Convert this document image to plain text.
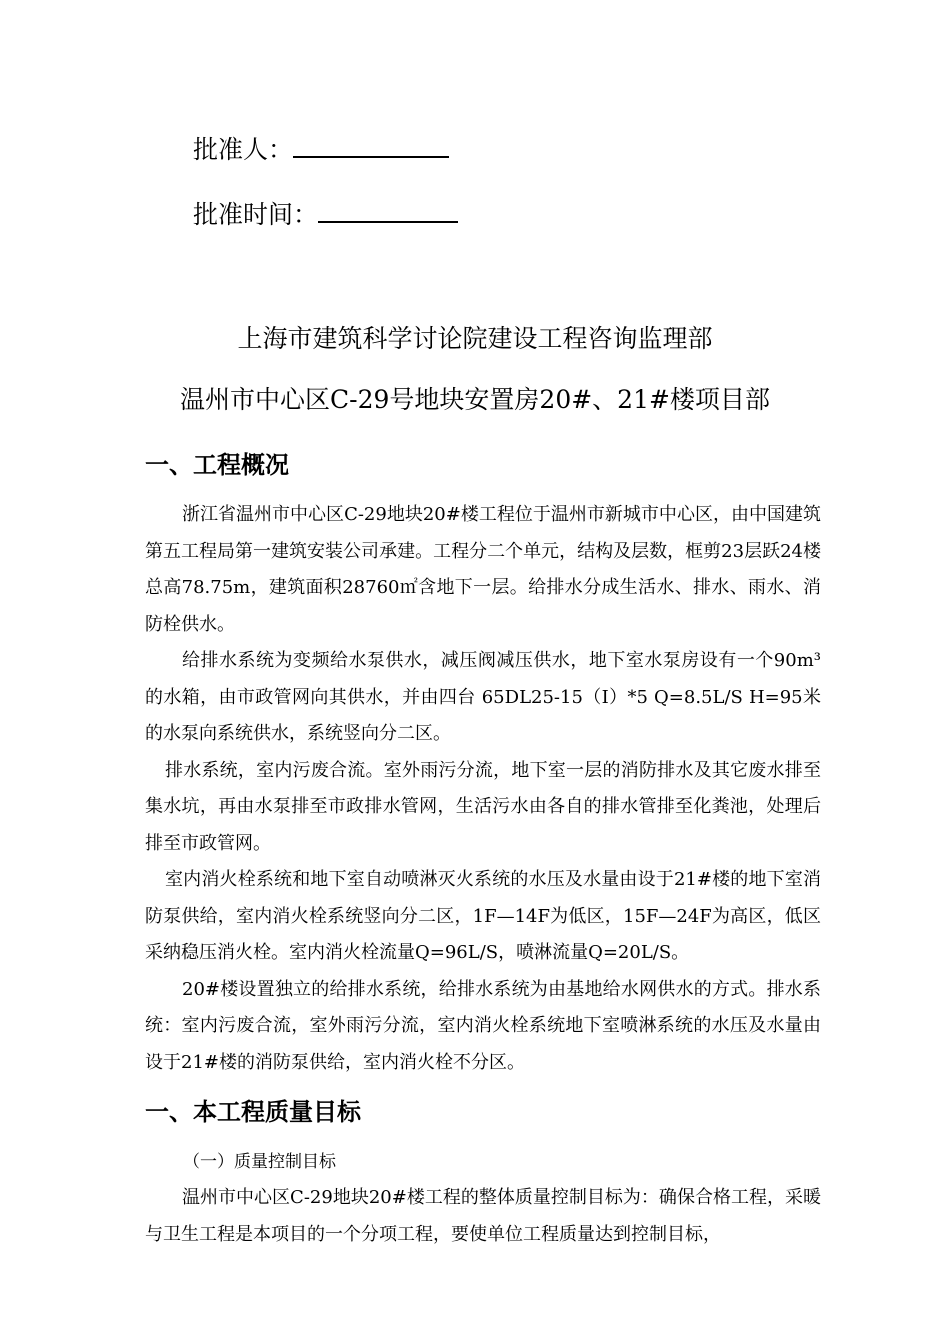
批准人：
批准时间：
上海市建筑科学讨论院建设工程咨询监理部
温州市中心区C-29号地块安置房20#、21#楼项目部
一、工程概况

浙江省温州市中心区C-29地块20#楼工程位于温州市新城市中心区，由中国建筑第五工程局第一建筑安装公司承建。工程分二个单元，结构及层数，框剪23层跃24楼总高78.75m，建筑面积28760㎡含地下一层。给排水分成生活水、排水、雨水、消防栓供水。

给排水系统为变频给水泵供水，减压阀减压供水，地下室水泵房设有一个90m³的水箱，由市政管网向其供水，并由四台 65DL25-15（I）*5 Q=8.5L/S H=95米的水泵向系统供水，系统竖向分二区。

排水系统，室内污废合流。室外雨污分流，地下室一层的消防排水及其它废水排至集水坑，再由水泵排至市政排水管网，生活污水由各自的排水管排至化粪池，处理后排至市政管网。

室内消火栓系统和地下室自动喷淋灭火系统的水压及水量由设于21#楼的地下室消防泵供给，室内消火栓系统竖向分二区，1F—14F为低区，15F—24F为高区，低区采纳稳压消火栓。室内消火栓流量Q=96L/S，喷淋流量Q=20L/S。

20#楼设置独立的给排水系统，给排水系统为由基地给水网供水的方式。排水系统：室内污废合流，室外雨污分流，室内消火栓系统地下室喷淋系统的水压及水量由设于21#楼的消防泵供给，室内消火栓不分区。

一、本工程质量目标
（一）质量控制目标

温州市中心区C-29地块20#楼工程的整体质量控制目标为：确保合格工程，采暖与卫生工程是本项目的一个分项工程，要使单位工程质量达到控制目标，
